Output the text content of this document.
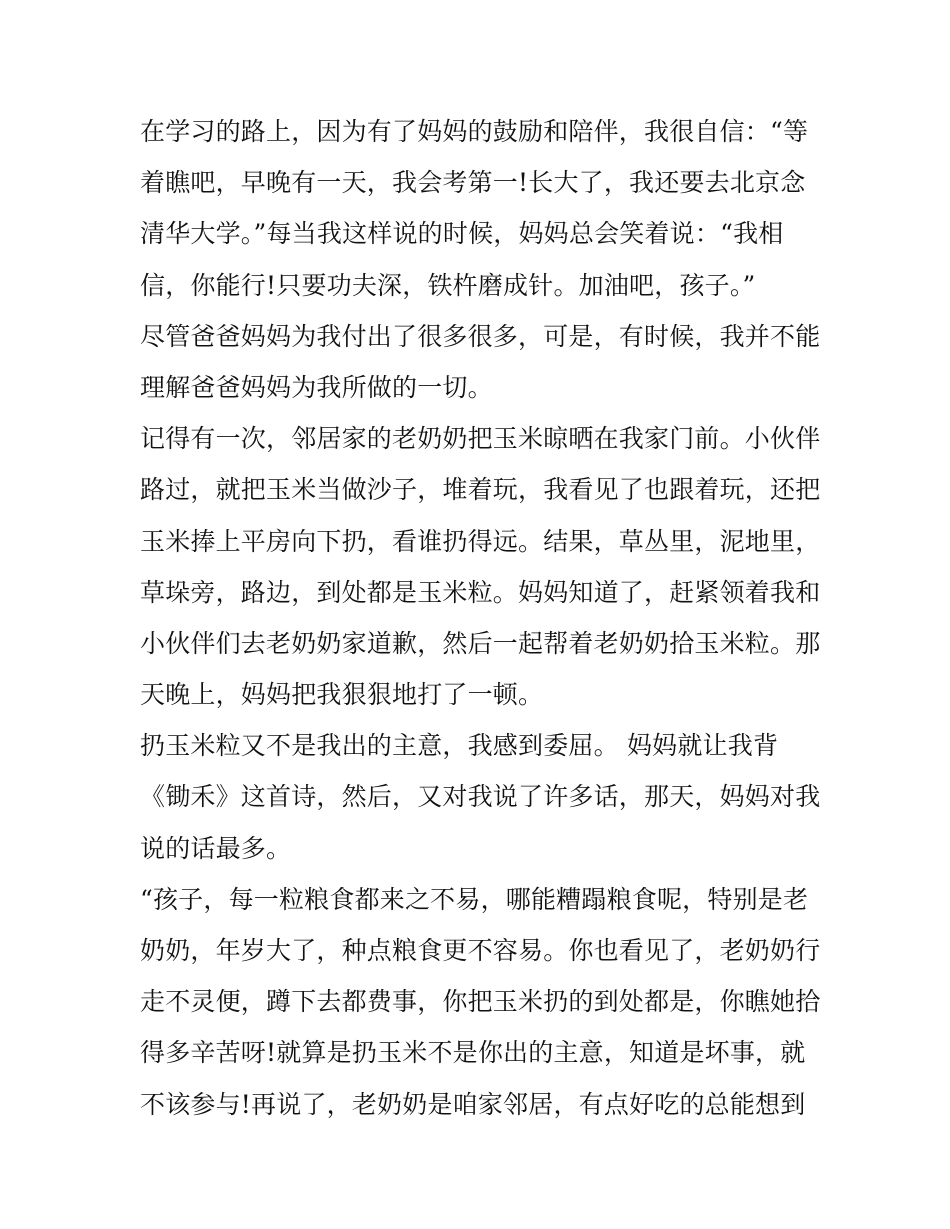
在学习的路上，因为有了妈妈的鼓励和陪伴，我很自信：“等
着瞧吧，早晚有一天，我会考第一!长大了，我还要去北京念
清华大学。”每当我这样说的时候，妈妈总会笑着说：“我相
信，你能行!只要功夫深，铁杵磨成针。加油吧，孩子。”
尽管爸爸妈妈为我付出了很多很多，可是，有时候，我并不能
理解爸爸妈妈为我所做的一切。
记得有一次，邻居家的老奶奶把玉米晾晒在我家门前。小伙伴
路过，就把玉米当做沙子，堆着玩，我看见了也跟着玩，还把
玉米捧上平房向下扔，看谁扔得远。结果，草丛里，泥地里，
草垛旁，路边，到处都是玉米粒。妈妈知道了，赶紧领着我和
小伙伴们去老奶奶家道歉，然后一起帮着老奶奶拾玉米粒。那
天晚上，妈妈把我狠狠地打了一顿。
扔玉米粒又不是我出的主意，我感到委屈。 妈妈就让我背
《锄禾》这首诗，然后，又对我说了许多话，那天，妈妈对我
说的话最多。
“孩子，每一粒粮食都来之不易，哪能糟蹋粮食呢，特别是老
奶奶，年岁大了，种点粮食更不容易。你也看见了，老奶奶行
走不灵便，蹲下去都费事，你把玉米扔的到处都是，你瞧她拾
得多辛苦呀!就算是扔玉米不是你出的主意，知道是坏事，就
不该参与!再说了，老奶奶是咱家邻居，有点好吃的总能想到
